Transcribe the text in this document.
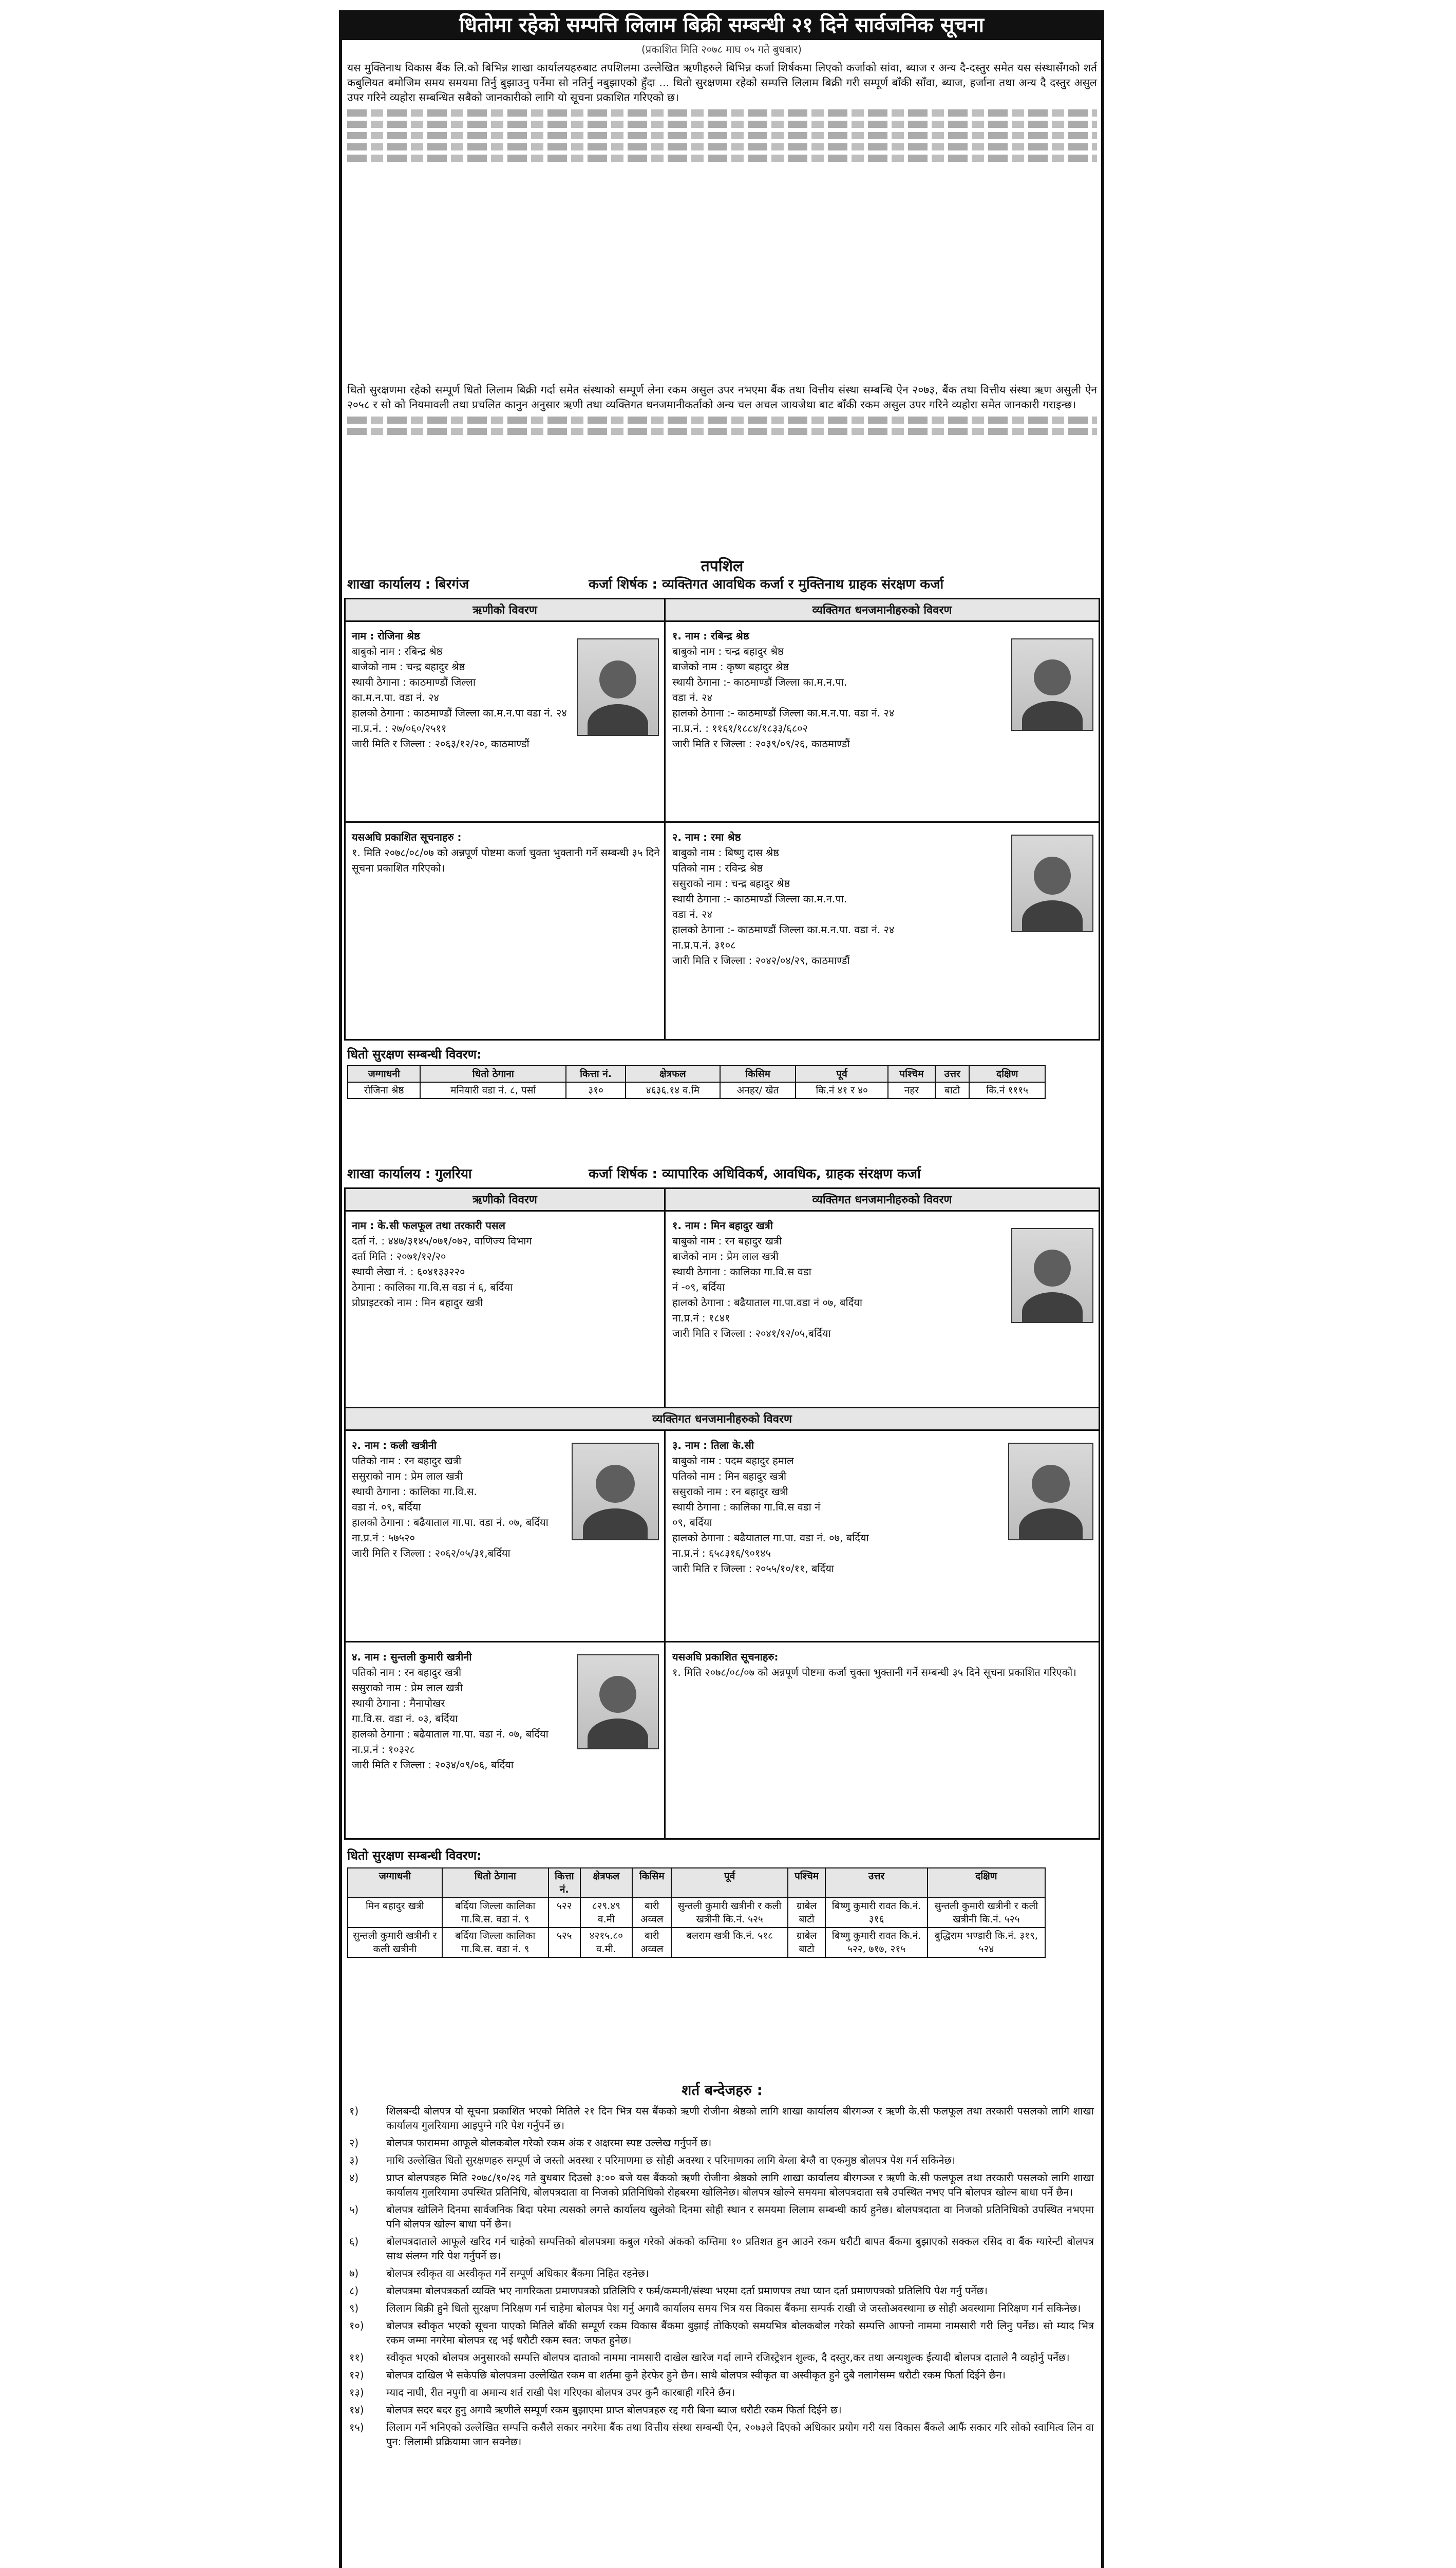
धितोमा रहेको सम्पत्ति लिलाम बिक्री सम्बन्धी २१ दिने सार्वजनिक सूचना
(प्रकाशित मिति २०७८ माघ ०५ गते बुधबार)
यस मुक्तिनाथ विकास बैंक लि.को बिभिन्न शाखा कार्यालयहरुबाट तपशिलमा उल्लेखित ऋणीहरुले बिभिन्न कर्जा शिर्षकमा लिएको कर्जाको सांवा, ब्याज र अन्य दै-दस्तुर समेत यस संस्थासँगको शर्त कबुलियत बमोजिम समय समयमा तिर्नु बुझाउनु पर्नेमा सो नतिर्नु नबुझाएको हुँदा ... धितो सुरक्षणमा रहेको सम्पत्ति लिलाम बिक्री गरी सम्पूर्ण बाँकी साँवा, ब्याज, हर्जाना तथा अन्य दै दस्तुर असुल उपर गरिने व्यहोरा सम्बन्धित सबैको जानकारीको लागि यो सूचना प्रकाशित गरिएको छ।
धितो सुरक्षणमा रहेको सम्पूर्ण धितो लिलाम बिक्री गर्दा समेत संस्थाको सम्पूर्ण लेना रकम असुल उपर नभएमा बैंक तथा वित्तीय संस्था सम्बन्धि ऐन २०७३, बैंक तथा वित्तीय संस्था ऋण असुली ऐन २०५८ र सो को नियमावली तथा प्रचलित कानुन अनुसार ऋणी तथा व्यक्तिगत धनजमानीकर्ताको अन्य चल अचल जायजेथा बाट बाँकी रकम असुल उपर गरिने व्यहोरा समेत जानकारी गराइन्छ।
तपशिल
शाखा कार्यालय : बिरगंज	कर्जा शिर्षक : व्यक्तिगत आवधिक कर्जा र मुक्तिनाथ ग्राहक संरक्षण कर्जा
ऋणीको विवरण	व्यक्तिगत धनजमानीहरुको विवरण
नाम : रोजिना श्रेष्ठ
बाबुको नाम : रबिन्द्र श्रेष्ठ
बाजेको नाम : चन्द्र बहादुर श्रेष्ठ
स्थायी ठेगाना : काठमाण्डौं जिल्ला
का.म.न.पा. वडा नं. २४
हालको ठेगाना : काठमाण्डौं जिल्ला का.म.न.पा वडा नं. २४
ना.प्र.नं. : २७/०६०/२५११
जारी मिति र जिल्ला : २०६३/१२/२०, काठमाण्डौं
यसअघि प्रकाशित सूचनाहरु :
१. मिति २०७८/०८/०७ को अन्नपूर्ण पोष्टमा कर्जा चुक्ता भुक्तानी गर्ने सम्बन्धी ३५ दिने सूचना प्रकाशित गरिएको।
१. नाम : रबिन्द्र श्रेष्ठ
बाबुको नाम : चन्द्र बहादुर श्रेष्ठ
बाजेको नाम : कृष्ण बहादुर श्रेष्ठ
स्थायी ठेगाना :- काठमाण्डौं जिल्ला का.म.न.पा.
वडा नं. २४
हालको ठेगाना :- काठमाण्डौं जिल्ला का.म.न.पा. वडा नं. २४
ना.प्र.नं. : ११६१/१८८४/१८३३/६८०२
जारी मिति र जिल्ला : २०३९/०९/२६, काठमाण्डौं
२. नाम : रमा श्रेष्ठ
बाबुको नाम : बिष्णु दास श्रेष्ठ
पतिको नाम : रविन्द्र श्रेष्ठ
ससुराको नाम : चन्द्र बहादुर श्रेष्ठ
स्थायी ठेगाना :- काठमाण्डौं जिल्ला का.म.न.पा.
वडा नं. २४
हालको ठेगाना :- काठमाण्डौं जिल्ला का.म.न.पा. वडा नं. २४
ना.प्र.प.नं. ३१०८
जारी मिति र जिल्ला : २०४२/०४/२९, काठमाण्डौं
धितो सुरक्षण सम्बन्धी विवरण:
जग्गाधनी	धितो ठेगाना	कित्ता नं.	क्षेत्रफल	किसिम	पूर्व	पश्चिम	उत्तर	दक्षिण
रोजिना श्रेष्ठ	मनियारी वडा नं. ८, पर्सा	३१०	४६३६.१४ व.मि	अनहर/ खेत	कि.नं ४१ र ४०	नहर	बाटो	कि.नं १११५
शाखा कार्यालय : गुलरिया	कर्जा शिर्षक : व्यापारिक अधिविकर्ष, आवधिक, ग्राहक संरक्षण कर्जा
ऋणीको विवरण	व्यक्तिगत धनजमानीहरुको विवरण
व्यक्तिगत धनजमानीहरुको विवरण
नाम : के.सी फलफूल तथा तरकारी पसल
दर्ता नं. : ४४७/३१४५/०७१/०७२, वाणिज्य विभाग
दर्ता मिति : २०७१/१२/२०
स्थायी लेखा नं. : ६०४१३३२२०
ठेगाना : कालिका गा.वि.स वडा नं ६, बर्दिया
प्रोप्राइटरको नाम : मिन बहादुर खत्री
१. नाम : मिन बहादुर खत्री
बाबुको नाम : रन बहादुर खत्री
बाजेको नाम : प्रेम लाल खत्री
स्थायी ठेगाना : कालिका गा.वि.स वडा
नं -०९, बर्दिया
हालको ठेगाना : बढैयाताल गा.पा.वडा नं ०७, बर्दिया
ना.प्र.नं : १८४१
जारी मिति र जिल्ला : २०४१/१२/०५,बर्दिया
२. नाम : कली खत्रीनी
पतिको नाम : रन बहादुर खत्री
ससुराको नाम : प्रेम लाल खत्री
स्थायी ठेगाना : कालिका गा.वि.स.
वडा नं. ०९, बर्दिया
हालको ठेगाना : बढैयाताल गा.पा. वडा नं. ०७, बर्दिया
ना.प्र.नं : ५७५२०
जारी मिति र जिल्ला : २०६२/०५/३१,बर्दिया
३. नाम : तिला के.सी
बाबुको नाम : पदम बहादुर हमाल
पतिको नाम : मिन बहादुर खत्री
ससुराको नाम : रन बहादुर खत्री
स्थायी ठेगाना : कालिका गा.वि.स वडा नं
०९, बर्दिया
हालको ठेगाना : बढैयाताल गा.पा. वडा नं. ०७, बर्दिया
ना.प्र.नं : ६५८३१६/९०१४५
जारी मिति र जिल्ला : २०५५/१०/११, बर्दिया
४. नाम : सुन्तली कुमारी खत्रीनी
पतिको नाम : रन बहादुर खत्री
ससुराको नाम : प्रेम लाल खत्री
स्थायी ठेगाना : मैनापोखर
गा.वि.स. वडा नं. ०३, बर्दिया
हालको ठेगाना : बढैयाताल गा.पा. वडा नं. ०७, बर्दिया
ना.प्र.नं : १०३२८
जारी मिति र जिल्ला : २०३४/०९/०६, बर्दिया
यसअघि प्रकाशित सूचनाहरु:
१. मिति २०७८/०८/०७ को अन्नपूर्ण पोष्टमा कर्जा चुक्ता भुक्तानी गर्ने सम्बन्धी ३५ दिने सूचना प्रकाशित गरिएको।
धितो सुरक्षण सम्बन्धी विवरण:
जग्गाधनी	धितो ठेगाना	कित्ता नं.	क्षेत्रफल	किसिम	पूर्व	पश्चिम	उत्तर	दक्षिण
मिन बहादुर खत्री	बर्दिया जिल्ला कालिका गा.बि.स. वडा नं. ९	५२२	८२९.४९ व.मी	बारी अव्वल	सुन्तली कुमारी खत्रीनी र कली खत्रीनी कि.नं. ५२५	ग्राबेल बाटो	बिष्णु कुमारी रावत कि.नं. ३१६	सुन्तली कुमारी खत्रीनी र कली खत्रीनी कि.नं. ५२५
सुन्तली कुमारी खत्रीनी र कली खत्रीनी	बर्दिया जिल्ला कालिका गा.बि.स. वडा नं. ९	५२५	४२१५.८० व.मी.	बारी अव्वल	बलराम खत्री कि.नं. ५१८	ग्राबेल बाटो	बिष्णु कुमारी रावत कि.नं. ५२२, ७१७, २१५	बुद्धिराम भण्डारी कि.नं. ३१९, ५२४
शर्त बन्देजहरु :
१)	शिलबन्दी बोलपत्र यो सूचना प्रकाशित भएको मितिले २१ दिन भित्र यस बैंकको ऋणी रोजीना श्रेष्ठको लागि शाखा कार्यालय बीरगञ्ज र ऋणी के.सी फलफूल तथा तरकारी पसलको लागि शाखा कार्यालय गुलरियामा आइपुग्ने गरि पेश गर्नुपर्ने छ।
२)	बोलपत्र फाराममा आफूले बोलकबोल गरेको रकम अंक र अक्षरमा स्पष्ट उल्लेख गर्नुपर्ने छ।
३)	माथि उल्लेखित धितो सुरक्षणहरु सम्पूर्ण जे जस्तो अवस्था र परिमाणमा छ सोही अवस्था र परिमाणका लागि बेग्ला बेग्लै वा एकमुष्ठ बोलपत्र पेश गर्न सकिनेछ।
४)	प्राप्त बोलपत्रहरु मिति २०७८/१०/२६ गते बुधबार दिउसो ३:०० बजे यस बैंकको ऋणी रोजीना श्रेष्ठको लागि शाखा कार्यालय बीरगञ्ज र ऋणी के.सी फलफूल तथा तरकारी पसलको लागि शाखा कार्यालय गुलरियामा उपस्थित प्रतिनिधि, बोलपत्रदाता वा निजको प्रतिनिधिको रोहबरमा खोलिनेछ। बोलपत्र खोल्ने समयमा बोलपत्रदाता सबै उपस्थित नभए पनि बोलपत्र खोल्न बाधा पर्ने छैन।
५)	बोलपत्र खोलिने दिनमा सार्वजनिक बिदा परेमा त्यसको लगत्ते कार्यालय खुलेको दिनमा सोही स्थान र समयमा लिलाम सम्बन्धी कार्य हुनेछ। बोलपत्रदाता वा निजको प्रतिनिधिको उपस्थित नभएमा पनि बोलपत्र खोल्न बाधा पर्ने छैन।
६)	बोलपत्रदाताले आफूले खरिद गर्न चाहेको सम्पत्तिको बोलपत्रमा कबुल गरेको अंकको कम्तिमा १० प्रतिशत हुन आउने रकम धरौटी बापत बैंकमा बुझाएको सक्कल रसिद वा बैंक ग्यारेन्टी बोलपत्र साथ संलग्न गरि पेश गर्नुपर्ने छ।
७)	बोलपत्र स्वीकृत वा अस्वीकृत गर्ने सम्पूर्ण अधिकार बैंकमा निहित रहनेछ।
८)	बोलपत्रमा बोलपत्रकर्ता व्यक्ति भए नागरिकता प्रमाणपत्रको प्रतिलिपि र फर्म/कम्पनी/संस्था भएमा दर्ता प्रमाणपत्र तथा प्यान दर्ता प्रमाणपत्रको प्रतिलिपि पेश गर्नु पर्नेछ।
९)	लिलाम बिक्री हुने धितो सुरक्षण निरिक्षण गर्न चाहेमा बोलपत्र पेश गर्नु अगावै कार्यालय समय भित्र यस विकास बैंकमा सम्पर्क राखी जे जस्तोअवस्थामा छ सोही अवस्थामा निरिक्षण गर्न सकिनेछ।
१०)	बोलपत्र स्वीकृत भएको सूचना पाएको मितिले बाँकी सम्पूर्ण रकम विकास बैंकमा बुझाई तोकिएको समयभित्र बोलकबोल गरेको सम्पत्ति आफ्नो नाममा नामसारी गरी लिनु पर्नेछ। सो म्याद भित्र रकम जम्मा नगरेमा बोलपत्र रद्द भई धरौटी रकम स्वत: जफत हुनेछ।
११)	स्वीकृत भएको बोलपत्र अनुसारको सम्पत्ति बोलपत्र दाताको नाममा नामसारी दाखेल खारेज गर्दा लाग्ने रजिस्ट्रेशन शुल्क, दै दस्तुर,कर तथा अन्यशुल्क ईत्यादी बोलपत्र दाताले नै व्यहोर्नु पर्नेछ।
१२)	बोलपत्र दाखिल भै सकेपछि बोलपत्रमा उल्लेखित रकम वा शर्तमा कुनै हेरफेर हुने छैन। साथै बोलपत्र स्वीकृत वा अस्वीकृत हुने दुबै नलागेसम्म धरौटी रकम फिर्ता दिईने छैन।
१३)	म्याद नाघी, रीत नपुगी वा अमान्य शर्त राखी पेश गरिएका बोलपत्र उपर कुनै कारबाही गरिने छैन।
१४)	बोलपत्र सदर बदर हुनु अगावै ऋणीले सम्पूर्ण रकम बुझाएमा प्राप्त बोलपत्रहरु रद्द गरी बिना ब्याज धरौटी रकम फिर्ता दिईने छ।
१५)	लिलाम गर्ने भनिएको उल्लेखित सम्पत्ति कसैले सकार नगरेमा बैंक तथा वित्तीय संस्था सम्बन्धी ऐन, २०७३ले दिएको अधिकार प्रयोग गरी यस विकास बैंकले आफैं सकार गरि सोको स्वामित्व लिन वा पुन: लिलामी प्रक्रियामा जान सक्नेछ।
